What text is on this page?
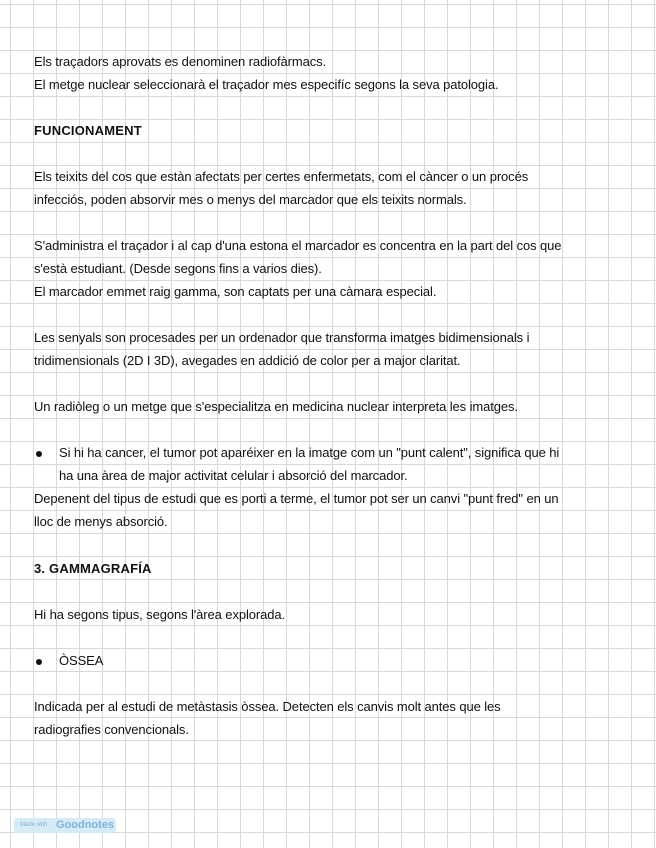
Els traçadors aprovats es denominen radiofàrmacs.
El metge nuclear seleccionarà el traçador mes especifíc segons la seva patologia.
FUNCIONAMENT
Els teixits del cos que estàn afectats per certes enfermetats, com el càncer o un procés
infecciós, poden absorvir mes o menys del marcador que els teixits normals.
S'administra el traçador i al cap d'una estona el marcador es concentra en la part del cos que
s'està estudiant. (Desde segons fins a varios dies).
El marcador emmet raig gamma, son captats per una càmara especial.
Les senyals son procesades per un ordenador que transforma imatges bidimensionals i
tridimensionals (2D I 3D), avegades en addició de color per a major claritat.
Un radiòleg o un metge que s'especialitza en medicina nuclear interpreta les imatges.
Si hi ha cancer, el tumor pot aparéixer en la imatge com un "punt calent", significa que hi
ha una àrea de major activitat celular i absorció del marcador.
Depenent del tipus de estudi que es porti a terme, el tumor pot ser un canvi "punt fred" en un
lloc de menys absorció.
3. GAMMAGRAFÍA
Hi ha segons tipus, segons l'àrea explorada.
ÒSSEA
Indicada per al estudi de metàstasis òssea. Detecten els canvis molt antes que les
radiografies convencionals.
Made with Goodnotes
